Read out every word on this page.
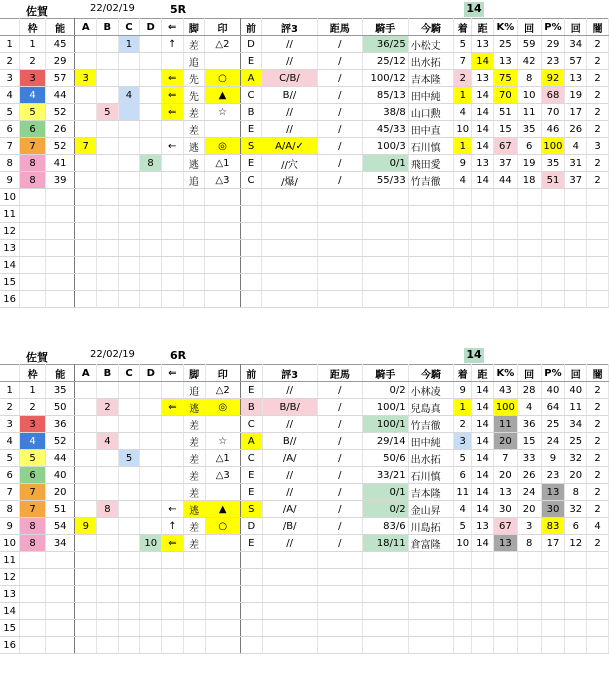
佐賀	22/02/19	5R	14
	枠	能	A	B	C	D	⇐	脚	印	前	評3	距馬	騎手	今騎	着	距	K%	回	P%	回	闇
1	1	45			1		↑	差	△2	D	//	/	36/25	小松丈	5	13	25	59	29	34	2
2	2	29						追		E	//	/	25/12	出水拓	7	14	13	42	23	57	2
3	3	57	3				⇐	先	○	A	C/B/	/	100/12	吉本隆	2	13	75	8	92	13	2
4	4	44			4		⇐	先	▲	C	B//	/	85/13	田中純	1	14	70	10	68	19	2
5	5	52		5			⇐	差	☆	B	//	/	38/8	山口勲	4	14	51	11	70	17	2
6	6	26						差		E	//	/	45/33	田中直	10	14	15	35	46	26	2
7	7	52	7				←	逃	◎	S	A/A/✓	/	100/3	石川慎	1	14	67	6	100	4	3
8	8	41				8		逃	△1	E	//穴	/	0/1	飛田愛	9	13	37	19	35	31	2
9	8	39						追	△3	C	/爆/	/	55/33	竹吉徹	4	14	44	18	51	37	2
10																					
11																					
12																					
13																					
14																					
15																					
16																					
佐賀	22/02/19	6R	14
	枠	能	A	B	C	D	⇐	脚	印	前	評3	距馬	騎手	今騎	着	距	K%	回	P%	回	闇
1	1	35						追	△2	E	//	/	0/2	小林凌	9	14	43	28	40	40	2
2	2	50		2			⇐	逃	◎	B	B/B/	/	100/1	兒島真	1	14	100	4	64	11	2
3	3	36						差		C	//	/	100/1	竹吉徹	2	14	11	36	25	34	2
4	4	52		4				差	☆	A	B//	/	29/14	田中純	3	14	20	15	24	25	2
5	5	44			5			差	△1	C	/A/	/	50/6	出水拓	5	14	7	33	9	32	2
6	6	40						差	△3	E	//	/	33/21	石川慎	6	14	20	26	23	20	2
7	7	20						差		E	//	/	0/1	吉本隆	11	14	13	24	13	8	2
8	7	51		8			←	逃	▲	S	/A/	/	0/2	金山昇	4	14	30	20	30	32	2
9	8	54	9				↑	差	○	D	/B/	/	83/6	川島拓	5	13	67	3	83	6	4
10	8	34				10	⇐	差		E	//	/	18/11	倉富隆	10	14	13	8	17	12	2
11																					
12																					
13																					
14																					
15																					
16																					
